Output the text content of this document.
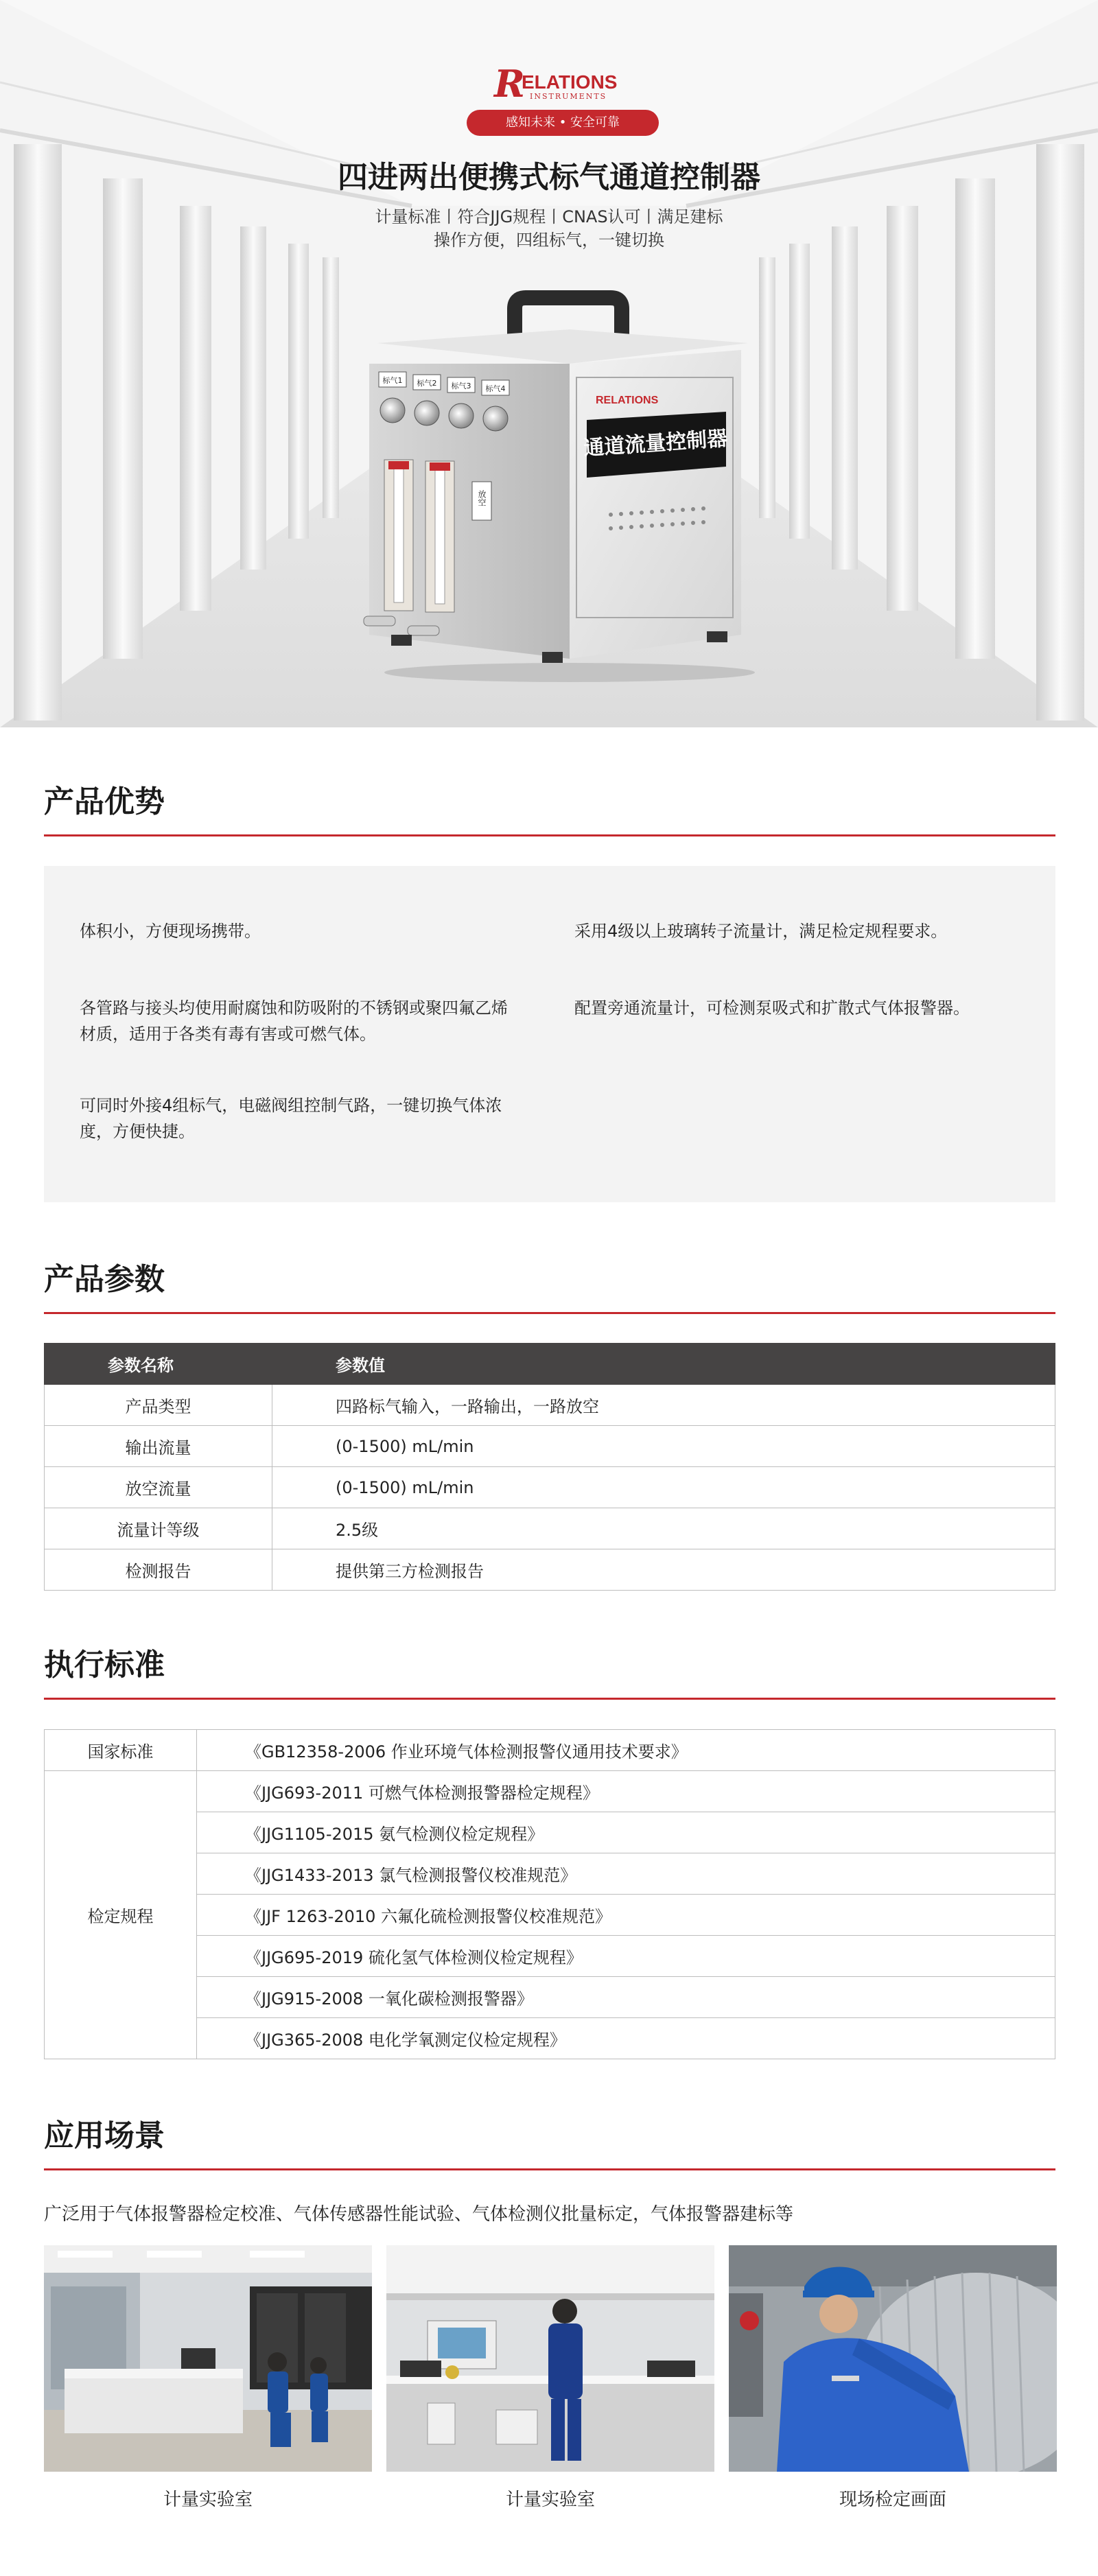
R
ELATIONS
INSTRUMENTS
感知未来 • 安全可靠
四进两出便携式标气通道控制器
计量标准丨符合JJG规程丨CNAS认可丨满足建标
操作方便，四组标气，一键切换
RELATIONS
通道流量控制器
标气1 标气2 标气3 标气4
放空
产品优势
体积小，方便现场携带。
各管路与接头均使用耐腐蚀和防吸附的不锈钢或聚四氟乙烯材质，适用于各类有毒有害或可燃气体。
可同时外接4组标气，电磁阀组控制气路，一键切换气体浓度，方便快捷。
采用4级以上玻璃转子流量计，满足检定规程要求。
配置旁通流量计，可检测泵吸式和扩散式气体报警器。
产品参数
参数名称	参数值
产品类型	四路标气输入，一路输出，一路放空
输出流量	(0-1500) mL/min
放空流量	(0-1500) mL/min
流量计等级	2.5级
检测报告	提供第三方检测报告
执行标准
国家标准	《GB12358-2006 作业环境气体检测报警仪通用技术要求》
检定规程	《JJG693-2011 可燃气体检测报警器检定规程》
	《JJG1105-2015 氨气检测仪检定规程》
	《JJG1433-2013 氯气检测报警仪校准规范》
	《JJF 1263-2010 六氟化硫检测报警仪校准规范》
	《JJG695-2019 硫化氢气体检测仪检定规程》
	《JJG915-2008 一氧化碳检测报警器》
	《JJG365-2008 电化学氧测定仪检定规程》
应用场景
广泛用于气体报警器检定校准、气体传感器性能试验、气体检测仪批量标定，气体报警器建标等
计量实验室	计量实验室	现场检定画面
